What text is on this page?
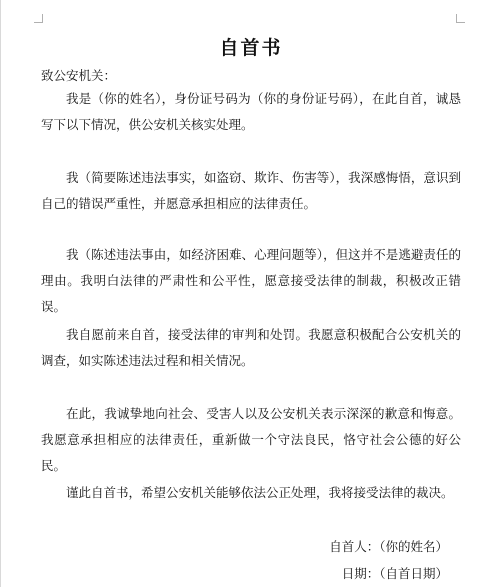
自首书
致公安机关：
我是（你的姓名），身份证号码为（你的身份证号码），在此自首，诚恳写下以下情况，供公安机关核实处理。
我（简要陈述违法事实，如盗窃、欺诈、伤害等），我深感悔悟，意识到自己的错误严重性，并愿意承担相应的法律责任。
我（陈述违法事由，如经济困难、心理问题等），但这并不是逃避责任的理由。我明白法律的严肃性和公平性，愿意接受法律的制裁，积极改正错误。
我自愿前来自首，接受法律的审判和处罚。我愿意积极配合公安机关的调查，如实陈述违法过程和相关情况。
在此，我诚挚地向社会、受害人以及公安机关表示深深的歉意和悔意。我愿意承担相应的法律责任，重新做一个守法良民，恪守社会公德的好公民。
谨此自首书，希望公安机关能够依法公正处理，我将接受法律的裁决。
自首人：（你的姓名）
日期：（自首日期）
